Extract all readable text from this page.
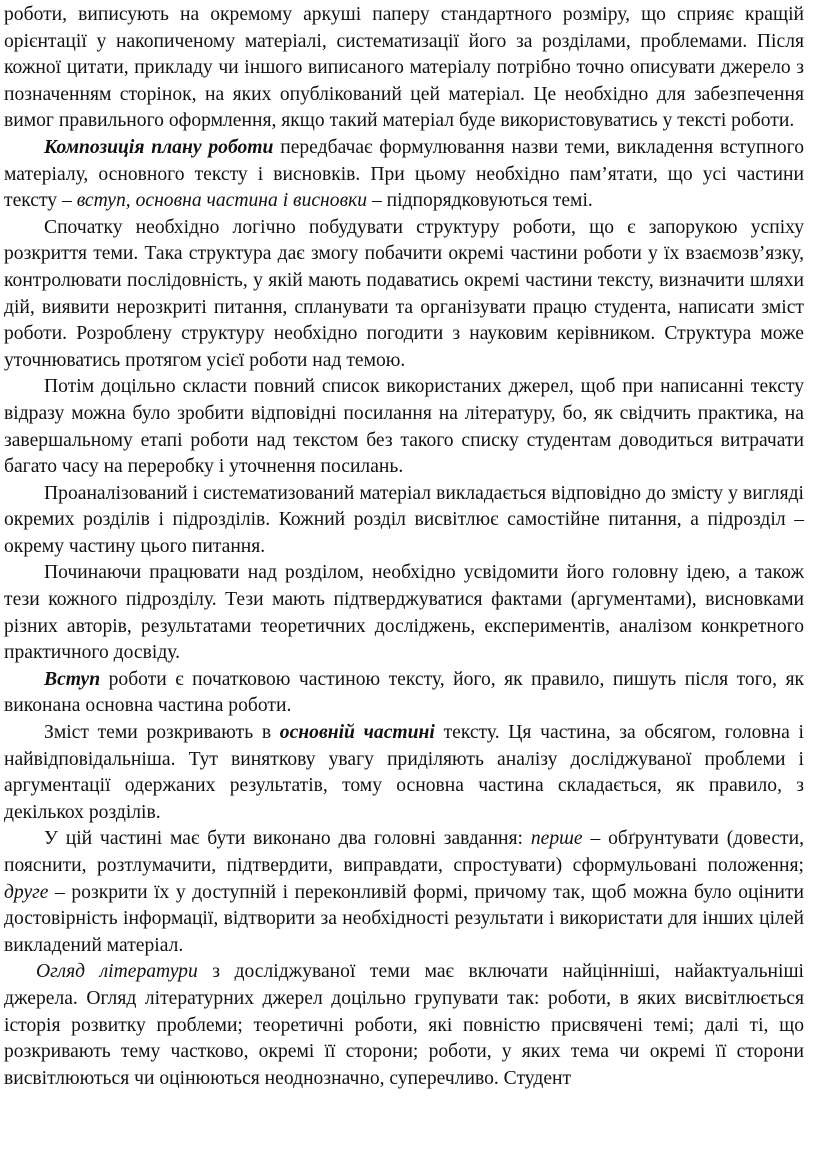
роботи, виписують на окремому аркуші паперу стандартного розміру, що сприяє кращій орієнтації у накопиченому матеріалі, систематизації його за розділами, проблемами. Після кожної цитати, прикладу чи іншого виписаного матеріалу потрібно точно описувати джерело з позначенням сторінок, на яких опублікований цей матеріал. Це необхідно для забезпечення вимог правильного оформлення, якщо такий матеріал буде використовуватись у тексті роботи.

Композиція плану роботи передбачає формулювання назви теми, викладення вступного матеріалу, основного тексту і висновків. При цьому необхідно пам’ятати, що усі частини тексту – вступ, основна частина і висновки – підпорядковуються темі.

Спочатку необхідно логічно побудувати структуру роботи, що є запорукою успіху розкриття теми. Така структура дає змогу побачити окремі частини роботи у їх взаємозв’язку, контролювати послідовність, у якій мають подаватись окремі частини тексту, визначити шляхи дій, виявити нерозкриті питання, спланувати та організувати працю студента, написати зміст роботи. Розроблену структуру необхідно погодити з науковим керівником. Структура може уточнюватись протягом усієї роботи над темою.

Потім доцільно скласти повний список використаних джерел, щоб при написанні тексту відразу можна було зробити відповідні посилання на літературу, бо, як свідчить практика, на завершальному етапі роботи над текстом без такого списку студентам доводиться витрачати багато часу на переробку і уточнення посилань.

Проаналізований і систематизований матеріал викладається відповідно до змісту у вигляді окремих розділів і підрозділів. Кожний розділ висвітлює самостійне питання, а підрозділ – окрему частину цього питання.

Починаючи працювати над розділом, необхідно усвідомити його головну ідею, а також тези кожного підрозділу. Тези мають підтверджуватися фактами (аргументами), висновками різних авторів, результатами теоретичних досліджень, експериментів, аналізом конкретного практичного досвіду.

Вступ роботи є початковою частиною тексту, його, як правило, пишуть після того, як виконана основна частина роботи.

Зміст теми розкривають в основній частині тексту. Ця частина, за обсягом, головна і найвідповідальніша. Тут виняткову увагу приділяють аналізу досліджуваної проблеми і аргументації одержаних результатів, тому основна частина складається, як правило, з декількох розділів.

У цій частині має бути виконано два головні завдання: перше – обґрунтувати (довести, пояснити, розтлумачити, підтвердити, виправдати, спростувати) сформульовані положення; друге – розкрити їх у доступній і переконливій формі, причому так, щоб можна було оцінити достовірність інформації, відтворити за необхідності результати і використати для інших цілей викладений матеріал.

Огляд літератури з досліджуваної теми має включати найцінніші, найактуальніші джерела. Огляд літературних джерел доцільно групувати так: роботи, в яких висвітлюється історія розвитку проблеми; теоретичні роботи, які повністю присвячені темі; далі ті, що розкривають тему частково, окремі її сторони; роботи, у яких тема чи окремі її сторони висвітлюються чи оцінюються неоднозначно, суперечливо. Студент
